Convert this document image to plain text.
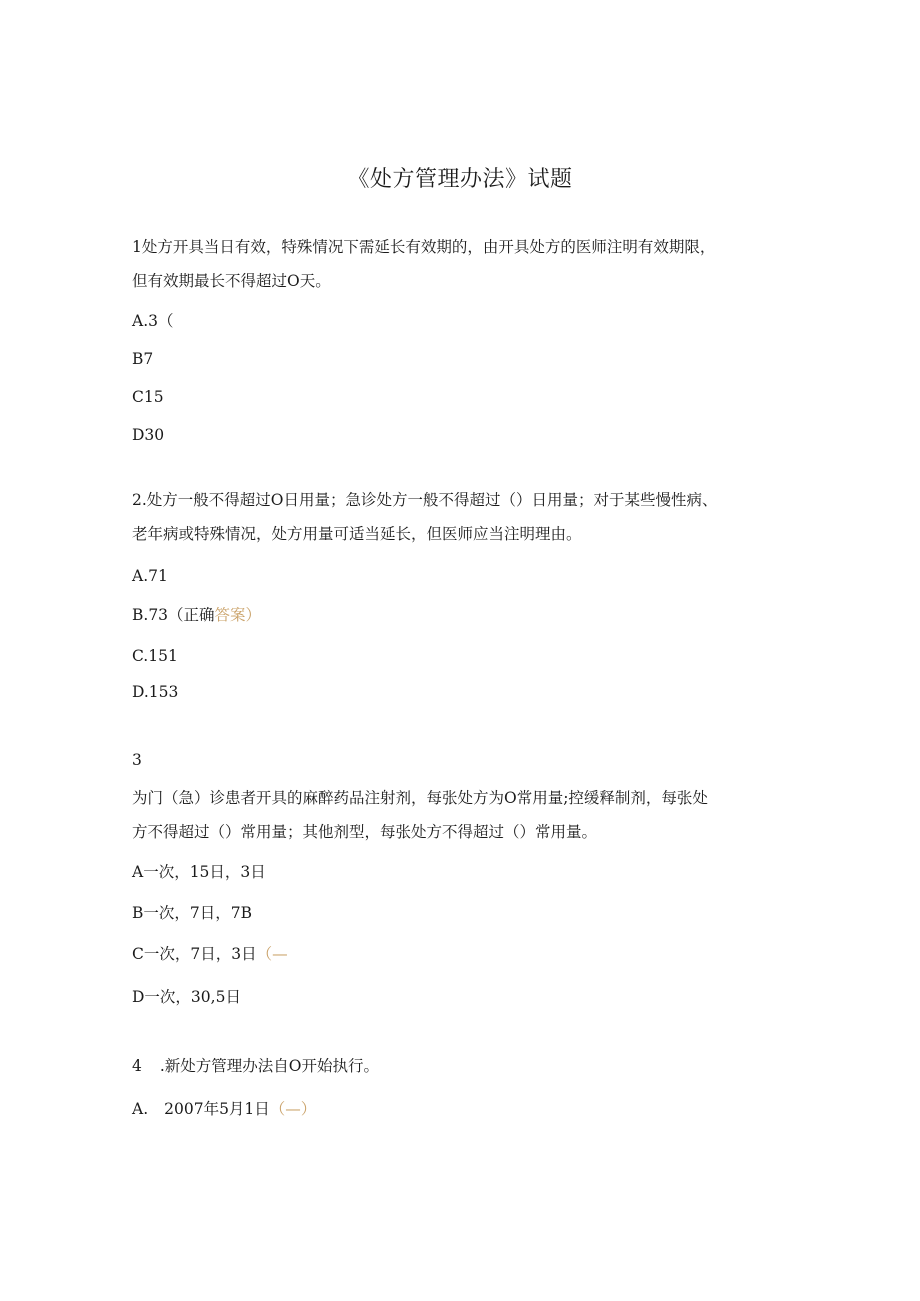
《处方管理办法》试题
1处方开具当日有效，特殊情况下需延长有效期的，由开具处方的医师注明有效期限，
但有效期最长不得超过O天。
A.3（
B7
C15
D30
2.处方一般不得超过O日用量；急诊处方一般不得超过（）日用量；对于某些慢性病、
老年病或特殊情况，处方用量可适当延长，但医师应当注明理由。
A.71
B.73（正确答案）
C.151
D.153
3
为门（急）诊患者开具的麻醉药品注射剂，每张处方为O常用量;控缓释制剂，每张处
方不得超过（）常用量；其他剂型，每张处方不得超过（）常用量。
A一次，15日，3日
B一次，7日，7B
C一次，7日，3日（—
D一次，30,5日
4 .新处方管理办法自O开始执行。
A. 2007年5月1日（—）
